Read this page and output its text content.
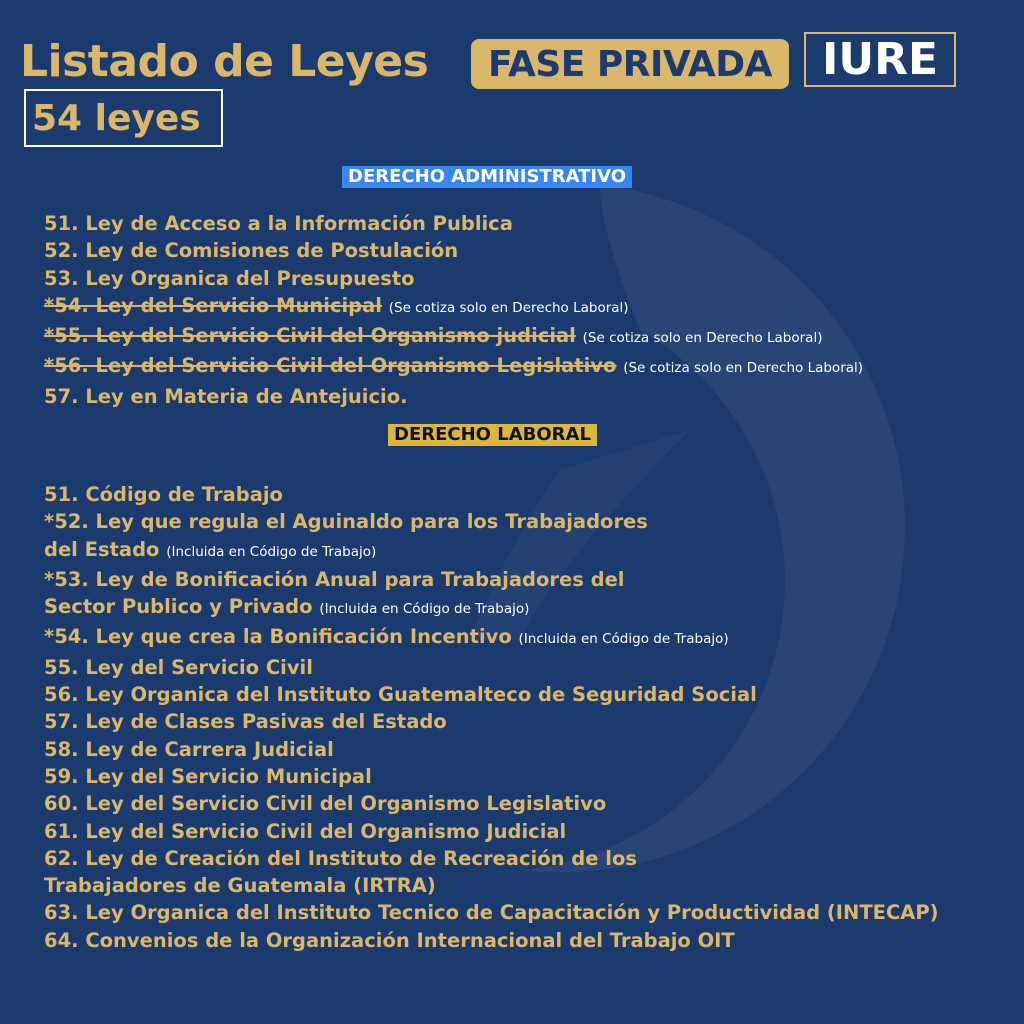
Listado de Leyes	FASE PRIVADA	IURE
54 leyes
DERECHO ADMINISTRATIVO
51. Ley de Acceso a la Información Publica
52. Ley de Comisiones de Postulación
53. Ley Organica del Presupuesto
*54. Ley del Servicio Municipal (Se cotiza solo en Derecho Laboral)
*55. Ley del Servicio Civil del Organismo judicial (Se cotiza solo en Derecho Laboral)
*56. Ley del Servicio Civil del Organismo Legislativo (Se cotiza solo en Derecho Laboral)
57. Ley en Materia de Antejuicio.
DERECHO LABORAL
51. Código de Trabajo
*52. Ley que regula el Aguinaldo para los Trabajadores
del Estado (Incluida en Código de Trabajo)
*53. Ley de Bonificación Anual para Trabajadores del
Sector Publico y Privado (Incluida en Código de Trabajo)
*54. Ley que crea la Bonificación Incentivo (Incluida en Código de Trabajo)
55. Ley del Servicio Civil
56. Ley Organica del Instituto Guatemalteco de Seguridad Social
57. Ley de Clases Pasivas del Estado
58. Ley de Carrera Judicial
59. Ley del Servicio Municipal
60. Ley del Servicio Civil del Organismo Legislativo
61. Ley del Servicio Civil del Organismo Judicial
62. Ley de Creación del Instituto de Recreación de los
Trabajadores de Guatemala (IRTRA)
63. Ley Organica del Instituto Tecnico de Capacitación y Productividad (INTECAP)
64. Convenios de la Organización Internacional del Trabajo OIT
